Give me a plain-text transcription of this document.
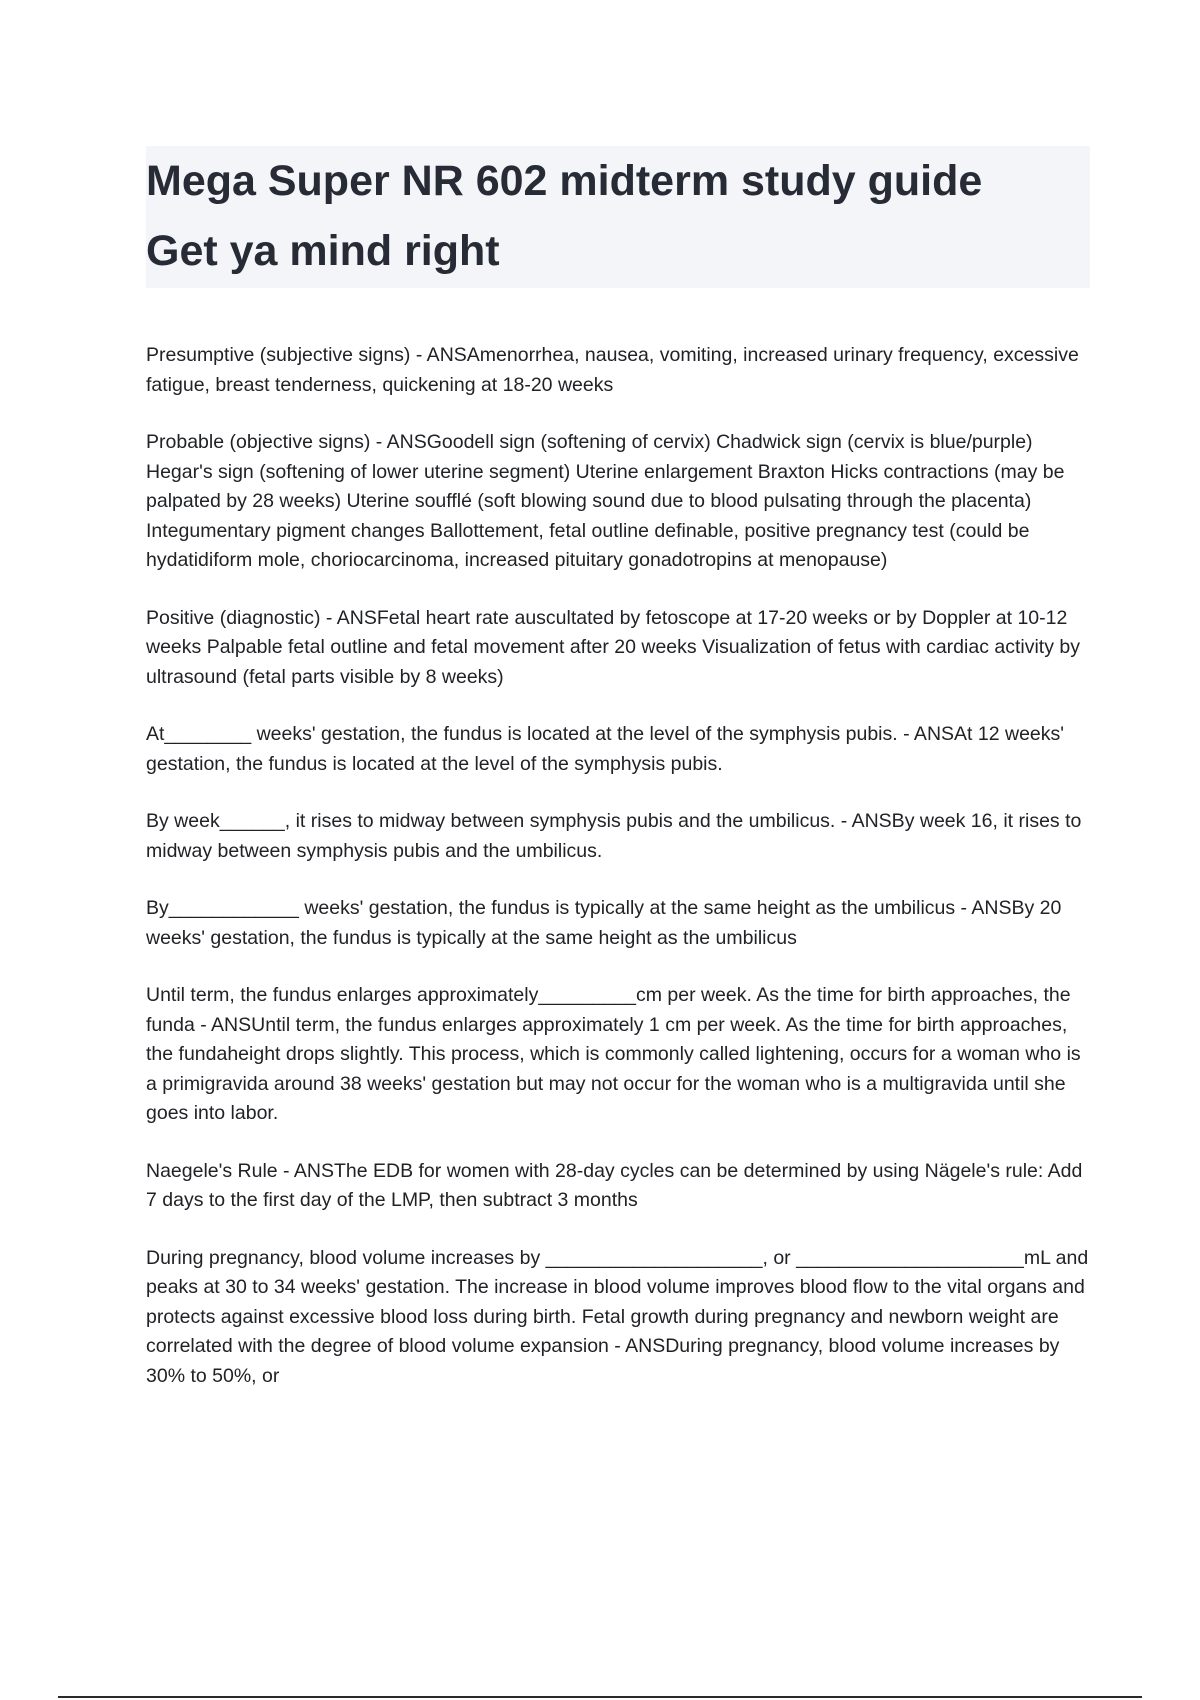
Mega Super NR 602 midterm study guide
Get ya mind right

Presumptive (subjective signs) - ANSAmenorrhea, nausea, vomiting, increased urinary frequency, excessive fatigue, breast tenderness, quickening at 18-20 weeks

Probable (objective signs) - ANSGoodell sign (softening of cervix) Chadwick sign (cervix is blue/purple) Hegar's sign (softening of lower uterine segment) Uterine enlargement Braxton Hicks contractions (may be palpated by 28 weeks) Uterine soufflé (soft blowing sound due to blood pulsating through the placenta) Integumentary pigment changes Ballottement, fetal outline definable, positive pregnancy test (could be hydatidiform mole, choriocarcinoma, increased pituitary gonadotropins at menopause)

Positive (diagnostic) - ANSFetal heart rate auscultated by fetoscope at 17-20 weeks or by Doppler at 10-12 weeks Palpable fetal outline and fetal movement after 20 weeks Visualization of fetus with cardiac activity by ultrasound (fetal parts visible by 8 weeks)

At________ weeks' gestation, the fundus is located at the level of the symphysis pubis. - ANSAt 12 weeks' gestation, the fundus is located at the level of the symphysis pubis.

By week______, it rises to midway between symphysis pubis and the umbilicus. - ANSBy week 16, it rises to midway between symphysis pubis and the umbilicus.

By____________ weeks' gestation, the fundus is typically at the same height as the umbilicus - ANSBy 20 weeks' gestation, the fundus is typically at the same height as the umbilicus

Until term, the fundus enlarges approximately_________cm per week. As the time for birth approaches, the funda - ANSUntil term, the fundus enlarges approximately 1 cm per week. As the time for birth approaches, the fundaheight drops slightly. This process, which is commonly called lightening, occurs for a woman who is a primigravida around 38 weeks' gestation but may not occur for the woman who is a multigravida until she goes into labor.

Naegele's Rule - ANSThe EDB for women with 28-day cycles can be determined by using Nägele's rule: Add 7 days to the first day of the LMP, then subtract 3 months

During pregnancy, blood volume increases by ____________________, or _____________________mL and peaks at 30 to 34 weeks' gestation. The increase in blood volume improves blood flow to the vital organs and protects against excessive blood loss during birth. Fetal growth during pregnancy and newborn weight are correlated with the degree of blood volume expansion - ANSDuring pregnancy, blood volume increases by 30% to 50%, or
